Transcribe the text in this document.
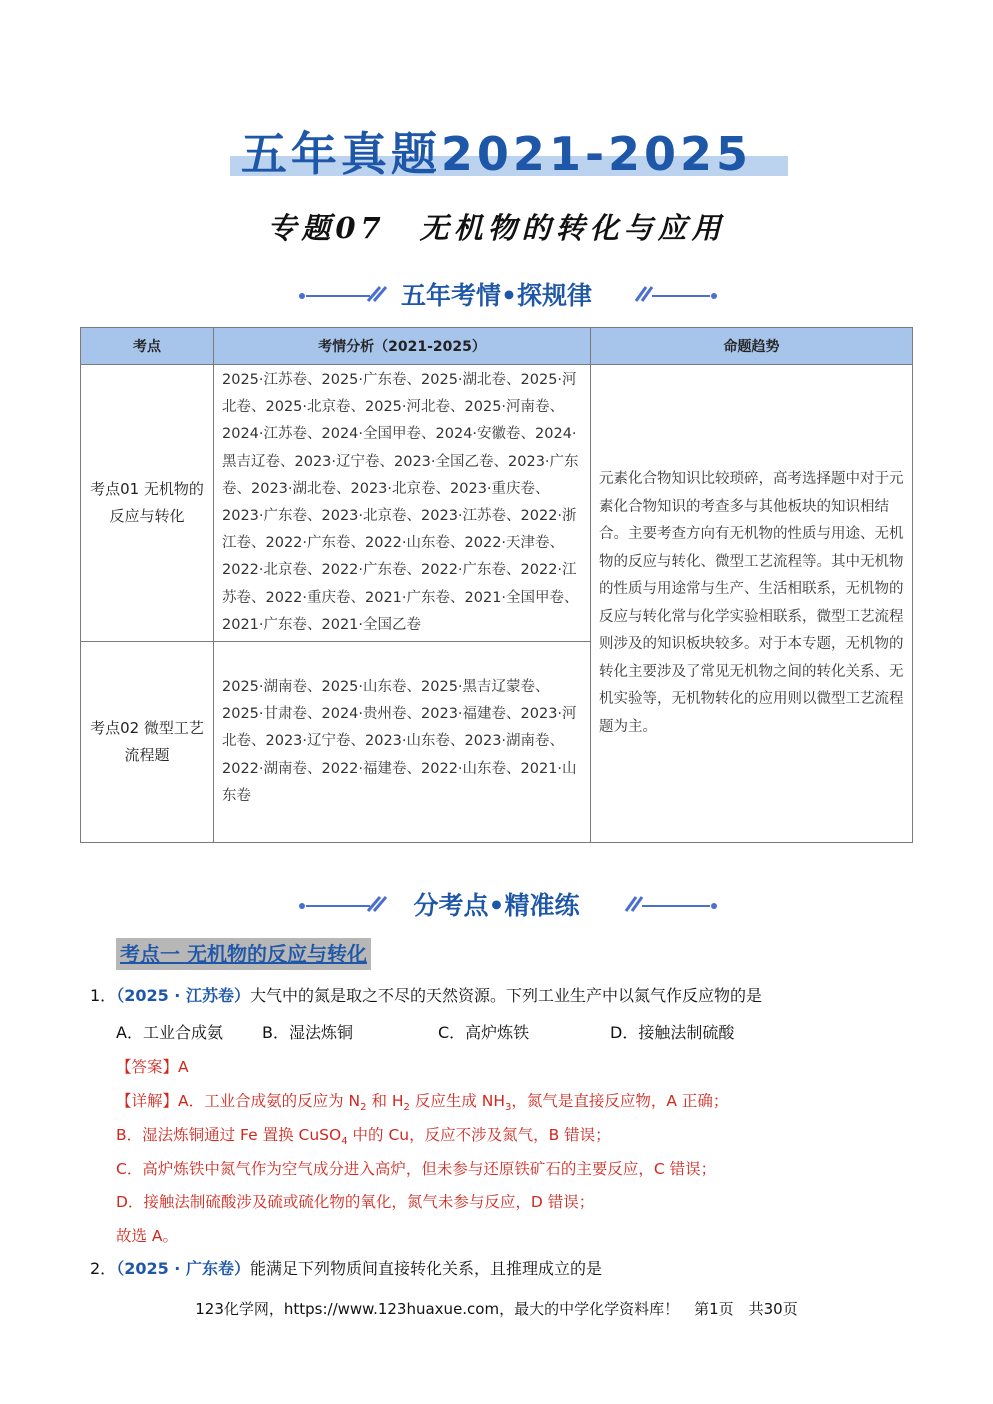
五年真题2021-2025
专题07　无机物的转化与应用
五年考情•探规律
考点	考情分析（2021-2025）	命题趋势
考点01 无机物的反应与转化	2025·江苏卷、2025·广东卷、2025·湖北卷、2025·河北卷、2025·北京卷、2025·河北卷、2025·河南卷、2024·江苏卷、2024·全国甲卷、2024·安徽卷、2024·黑吉辽卷、2023·辽宁卷、2023·全国乙卷、2023·广东卷、2023·湖北卷、2023·北京卷、2023·重庆卷、2023·广东卷、2023·北京卷、2023·江苏卷、2022·浙江卷、2022·广东卷、2022·山东卷、2022·天津卷、2022·北京卷、2022·广东卷、2022·广东卷、2022·江苏卷、2022·重庆卷、2021·广东卷、2021·全国甲卷、2021·广东卷、2021·全国乙卷	元素化合物知识比较琐碎，高考选择题中对于元素化合物知识的考查多与其他板块的知识相结合。主要考查方向有无机物的性质与用途、无机物的反应与转化、微型工艺流程等。其中无机物的性质与用途常与生产、生活相联系，无机物的反应与转化常与化学实验相联系，微型工艺流程则涉及的知识板块较多。对于本专题，无机物的转化主要涉及了常见无机物之间的转化关系、无机实验等，无机物转化的应用则以微型工艺流程题为主。
考点02 微型工艺流程题	2025·湖南卷、2025·山东卷、2025·黑吉辽蒙卷、2025·甘肃卷、2024·贵州卷、2023·福建卷、2023·河北卷、2023·辽宁卷、2023·山东卷、2023·湖南卷、2022·湖南卷、2022·福建卷、2022·山东卷、2021·山东卷	
分考点•精准练
考点一 无机物的反应与转化
1．（2025 · 江苏卷）大气中的氮是取之不尽的天然资源。下列工业生产中以氮气作反应物的是
A．工业合成氨 B．湿法炼铜	C．高炉炼铁	D．接触法制硫酸
【答案】A
【详解】A．工业合成氨的反应为 $N_2$ 和 $H_2$ 反应生成 $NH_3$，氮气是直接反应物，A 正确；
B．湿法炼铜通过 Fe 置换 CuSO$_4$ 中的 Cu，反应不涉及氮气，B 错误；
C．高炉炼铁中氮气作为空气成分进入高炉，但未参与还原铁矿石的主要反应，C 错误；
D．接触法制硫酸涉及硫或硫化物的氧化，氮气未参与反应，D 错误；
故选 A。
2．（2025 · 广东卷）能满足下列物质间直接转化关系，且推理成立的是
123化学网，https://www.123huaxue.com，最大的中学化学资料库！　第1页　共30页
